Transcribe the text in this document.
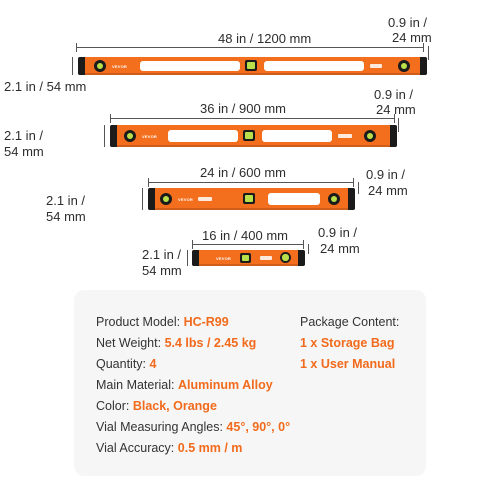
48 in / 1200 mm
0.9 in /
24 mm
2.1 in / 54 mm
VEVOR
36 in / 900 mm
0.9 in /
24 mm
2.1 in /
54 mm
VEVOR
24 in / 600 mm	0.9 in /
24 mm
2.1 in /
54 mm
VEVOR
16 in / 400 mm 0.9 in /
24 mm
2.1 in /
54 mm
VEVOR
Product Model: HC-R99
Net Weight: 5.4 lbs / 2.45 kg
Quantity: 4
Main Material: Aluminum Alloy
Color: Black, Orange
Vial Measuring Angles: 45°, 90°, 0°
Vial Accuracy: 0.5 mm / m
Package Content:
1 x Storage Bag
1 x User Manual
